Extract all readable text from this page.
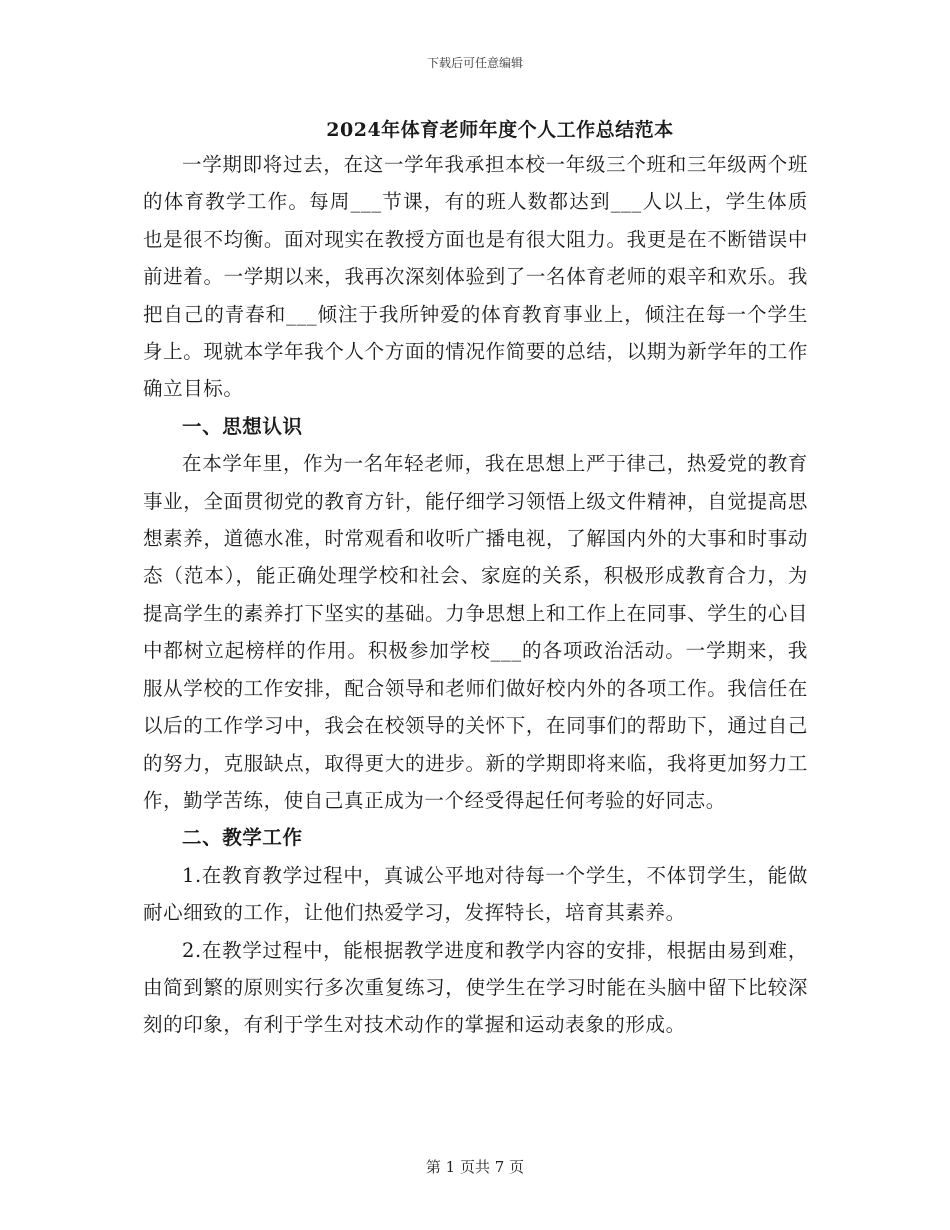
下载后可任意编辑
2024年体育老师年度个人工作总结范本

一学期即将过去，在这一学年我承担本校一年级三个班和三年级两个班的体育教学工作。每周___节课，有的班人数都达到___人以上，学生体质也是很不均衡。面对现实在教授方面也是有很大阻力。我更是在不断错误中前进着。一学期以来，我再次深刻体验到了一名体育老师的艰辛和欢乐。我把自己的青春和___倾注于我所钟爱的体育教育事业上，倾注在每一个学生身上。现就本学年我个人个方面的情况作简要的总结，以期为新学年的工作确立目标。

一、思想认识

在本学年里，作为一名年轻老师，我在思想上严于律己，热爱党的教育事业，全面贯彻党的教育方针，能仔细学习领悟上级文件精神，自觉提高思想素养，道德水准，时常观看和收听广播电视，了解国内外的大事和时事动态（范本），能正确处理学校和社会、家庭的关系，积极形成教育合力，为提高学生的素养打下坚实的基础。力争思想上和工作上在同事、学生的心目中都树立起榜样的作用。积极参加学校___的各项政治活动。一学期来，我服从学校的工作安排，配合领导和老师们做好校内外的各项工作。我信任在以后的工作学习中，我会在校领导的关怀下，在同事们的帮助下，通过自己的努力，克服缺点，取得更大的进步。新的学期即将来临，我将更加努力工作，勤学苦练，使自己真正成为一个经受得起任何考验的好同志。

二、教学工作

1.在教育教学过程中，真诚公平地对待每一个学生，不体罚学生，能做耐心细致的工作，让他们热爱学习，发挥特长，培育其素养。

2.在教学过程中，能根据教学进度和教学内容的安排，根据由易到难，由简到繁的原则实行多次重复练习，使学生在学习时能在头脑中留下比较深刻的印象，有利于学生对技术动作的掌握和运动表象的形成。

第 1 页共 7 页
